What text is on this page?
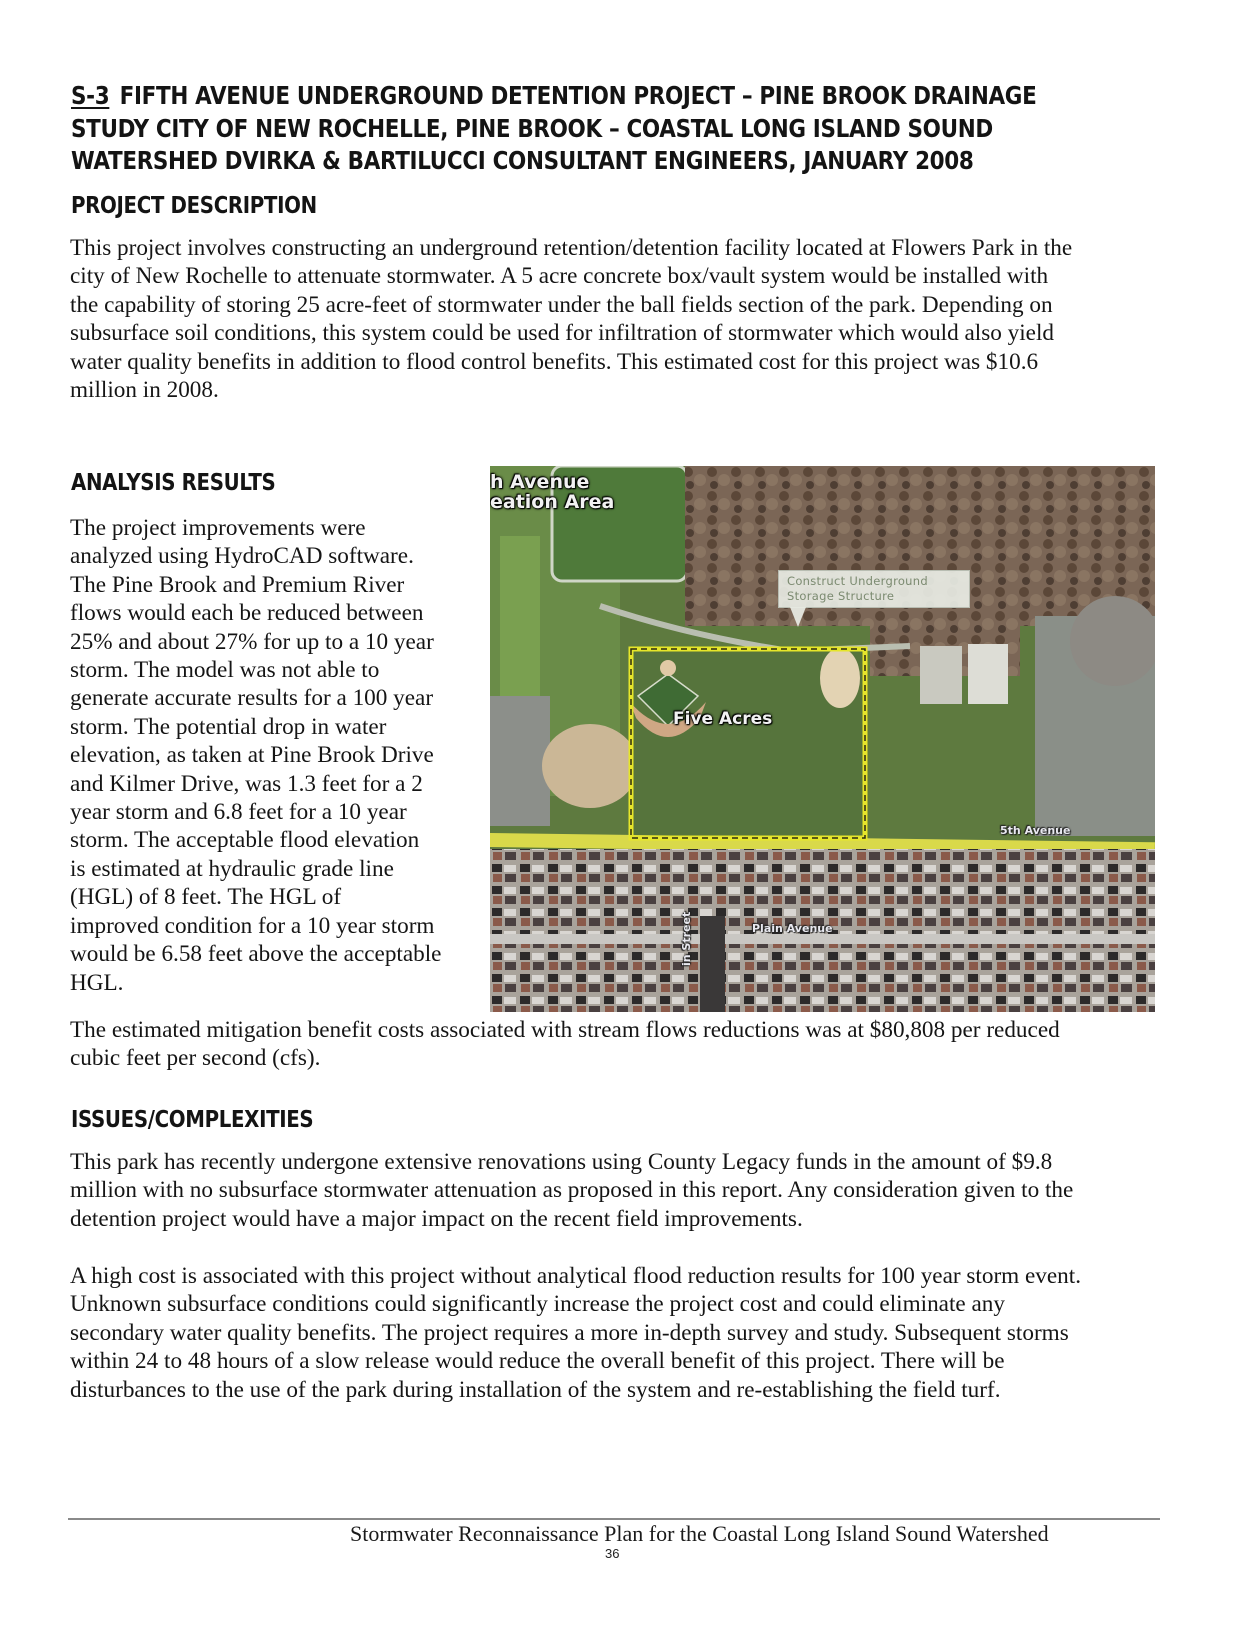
S-3 FIFTH AVENUE UNDERGROUND DETENTION PROJECT – PINE BROOK DRAINAGE
STUDY CITY OF NEW ROCHELLE, PINE BROOK – COASTAL LONG ISLAND SOUND
WATERSHED DVIRKA & BARTILUCCI CONSULTANT ENGINEERS, JANUARY 2008
PROJECT DESCRIPTION

This project involves constructing an underground retention/detention facility located at Flowers Park in the
city of New Rochelle to attenuate stormwater. A 5 acre concrete box/vault system would be installed with
the capability of storing 25 acre-feet of stormwater under the ball fields section of the park. Depending on
subsurface soil conditions, this system could be used for infiltration of stormwater which would also yield
water quality benefits in addition to flood control benefits. This estimated cost for this project was $10.6
million in 2008.

ANALYSIS RESULTS

The project improvements were
analyzed using HydroCAD software.
The Pine Brook and Premium River
flows would each be reduced between
25% and about 27% for up to a 10 year
storm. The model was not able to
generate accurate results for a 100 year
storm. The potential drop in water
elevation, as taken at Pine Brook Drive
and Kilmer Drive, was 1.3 feet for a 2
year storm and 6.8 feet for a 10 year
storm. The acceptable flood elevation
is estimated at hydraulic grade line
(HGL) of 8 feet. The HGL of
improved condition for a 10 year storm
would be 6.58 feet above the acceptable
HGL.

h Avenue
eation Area
Construct Underground
Storage Structure
Five Acres
5th Avenue
Plain Avenue
in Street

The estimated mitigation benefit costs associated with stream flows reductions was at $80,808 per reduced
cubic feet per second (cfs).

ISSUES/COMPLEXITIES

This park has recently undergone extensive renovations using County Legacy funds in the amount of $9.8
million with no subsurface stormwater attenuation as proposed in this report. Any consideration given to the
detention project would have a major impact on the recent field improvements.

A high cost is associated with this project without analytical flood reduction results for 100 year storm event.
Unknown subsurface conditions could significantly increase the project cost and could eliminate any
secondary water quality benefits. The project requires a more in-depth survey and study. Subsequent storms
within 24 to 48 hours of a slow release would reduce the overall benefit of this project. There will be
disturbances to the use of the park during installation of the system and re-establishing the field turf.

Stormwater Reconnaissance Plan for the Coastal Long Island Sound Watershed
36
